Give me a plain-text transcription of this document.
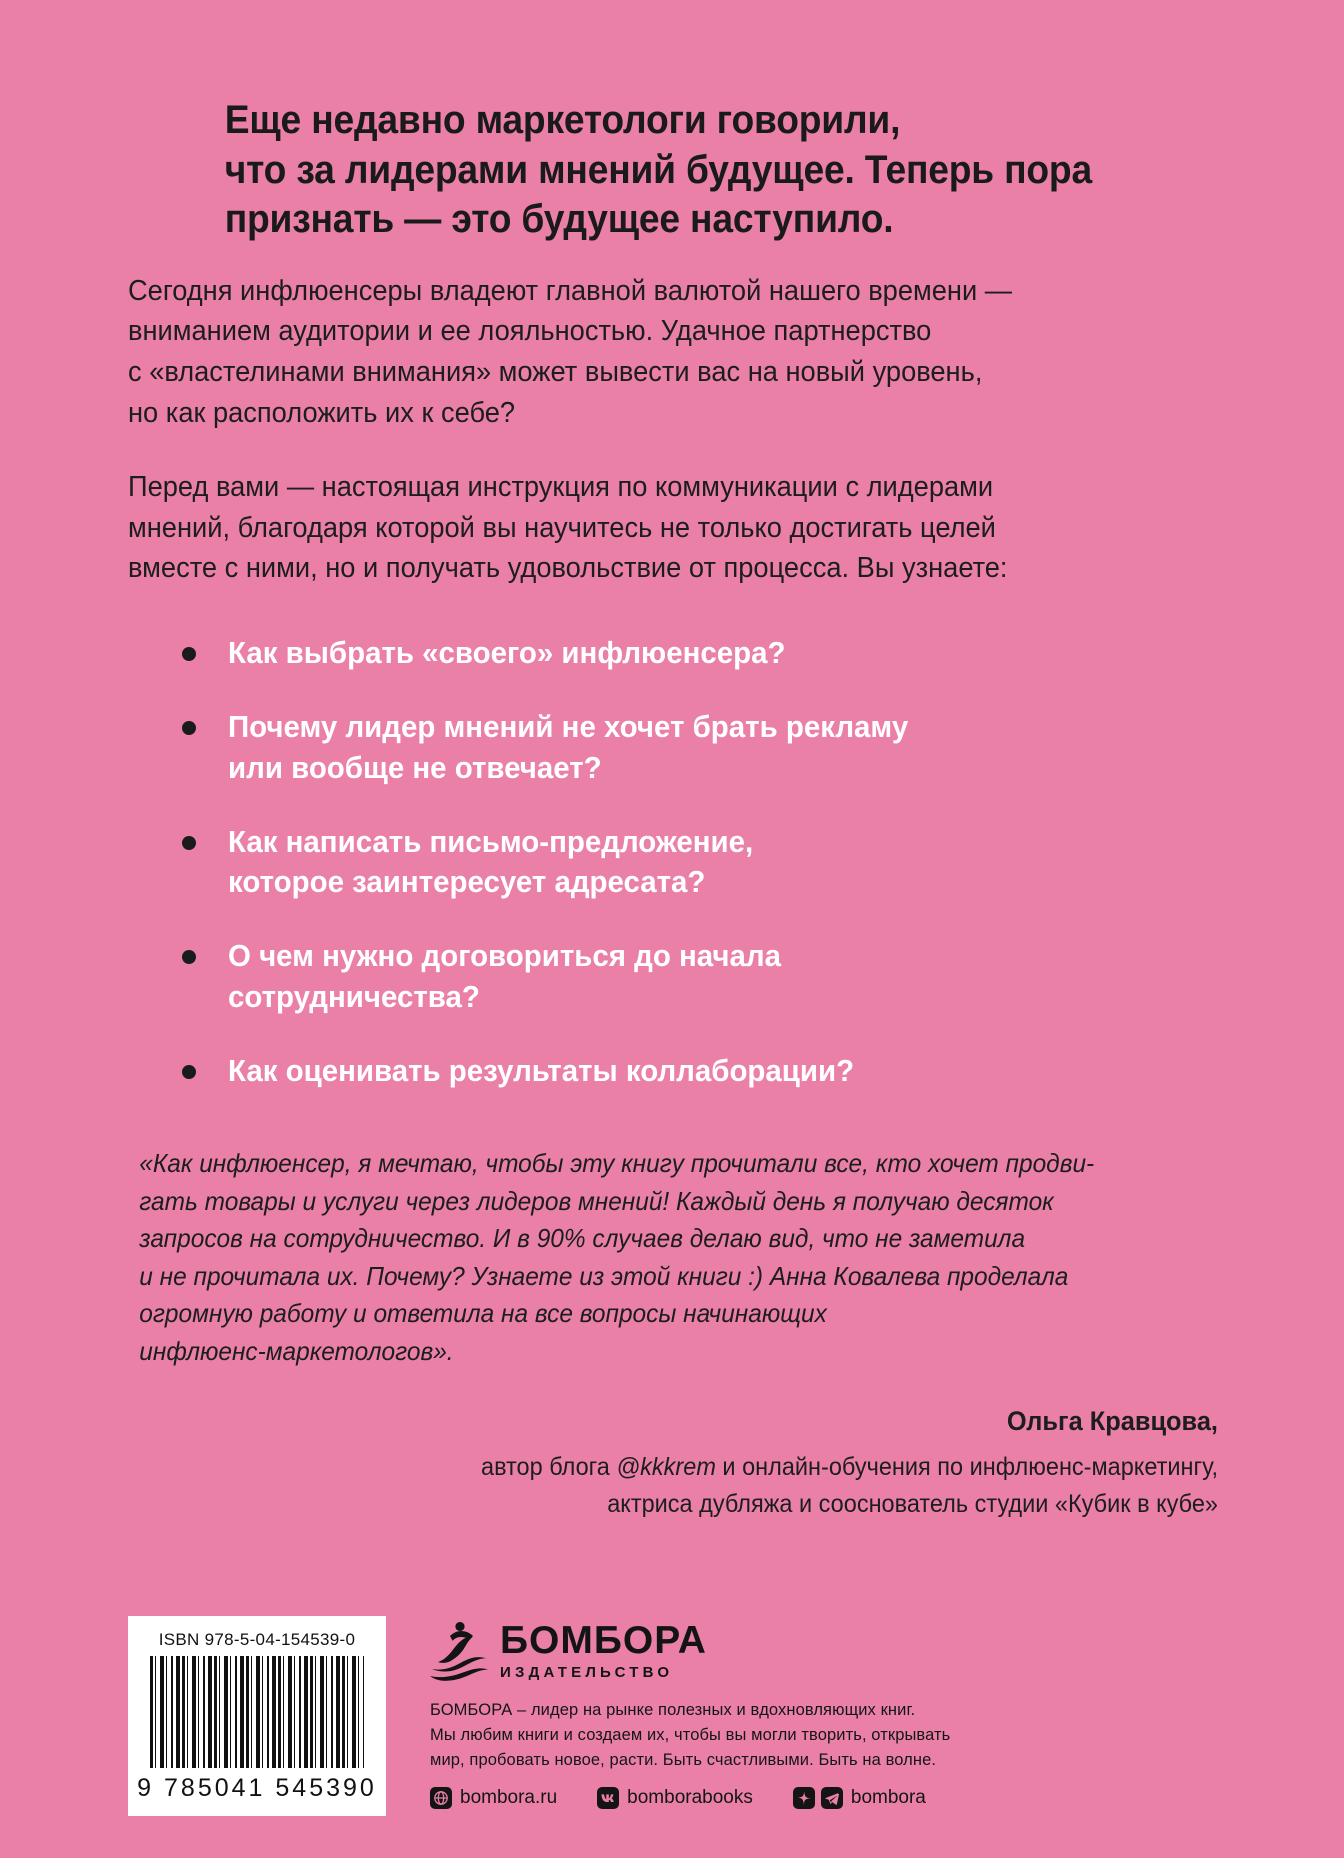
Еще недавно маркетологи говорили,
что за лидерами мнений будущее. Теперь пора
признать — это будущее наступило.

Сегодня инфлюенсеры владеют главной валютой нашего времени —
вниманием аудитории и ее лояльностью. Удачное партнерство
с «властелинами внимания» может вывести вас на новый уровень,
но как расположить их к себе?

Перед вами — настоящая инструкция по коммуникации с лидерами
мнений, благодаря которой вы научитесь не только достигать целей
вместе с ними, но и получать удовольствие от процесса. Вы узнаете:

Как выбрать «своего» инфлюенсера?
Почему лидер мнений не хочет брать рекламу
или вообще не отвечает?
Как написать письмо-предложение,
которое заинтересует адресата?
О чем нужно договориться до начала
сотрудничества?
Как оценивать результаты коллаборации?
«Как инфлюенсер, я мечтаю, чтобы эту книгу прочитали все, кто хочет продви-
гать товары и услуги через лидеров мнений! Каждый день я получаю десяток
запросов на сотрудничество. И в 90% случаев делаю вид, что не заметила
и не прочитала их. Почему? Узнаете из этой книги :) Анна Ковалева проделала
огромную работу и ответила на все вопросы начинающих
инфлюенс-маркетологов».
Ольга Кравцова,
автор блога @kkkrem и онлайн-обучения по инфлюенс-маркетингу,
актриса дубляжа и сооснователь студии «Кубик в кубе»
ISBN 978-5-04-154539-0
9 785041 545390
БОМБОРА
ИЗДАТЕЛЬСТВО
БОМБОРА – лидер на рынке полезных и вдохновляющих книг.
Мы любим книги и создаем их, чтобы вы могли творить, открывать
мир, пробовать новое, расти. Быть счастливыми. Быть на волне.
bombora.ru	bomborabooks	bombora
